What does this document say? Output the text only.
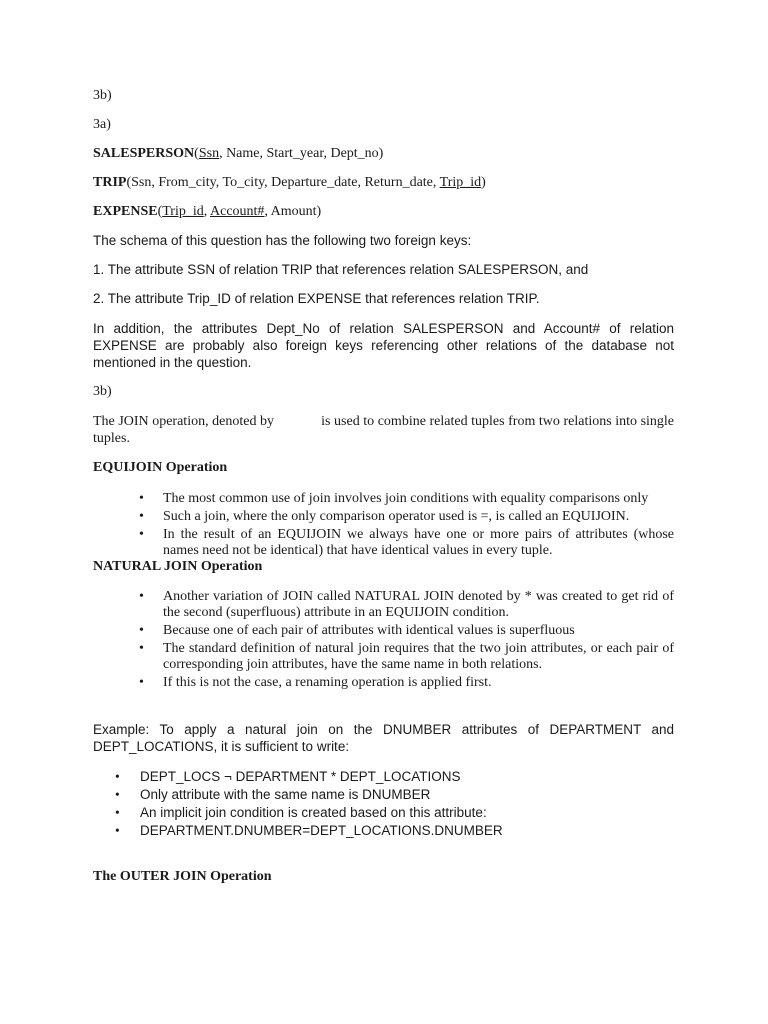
3b)

3a)

SALESPERSON(Ssn, Name, Start_year, Dept_no)

TRIP(Ssn, From_city, To_city, Departure_date, Return_date, Trip_id)

EXPENSE(Trip_id, Account#, Amount)

The schema of this question has the following two foreign keys:

1. The attribute SSN of relation TRIP that references relation SALESPERSON, and

2. The attribute Trip_ID of relation EXPENSE that references relation TRIP.

In addition, the attributes Dept_No of relation SALESPERSON and Account# of relation EXPENSE are probably also foreign keys referencing other relations of the database not mentioned in the question.

3b)

The JOIN operation, denoted by	is used to combine related tuples from two relations into single tuples.

EQUIJOIN Operation

• The most common use of join involves join conditions with equality comparisons only
• Such a join, where the only comparison operator used is =, is called an EQUIJOIN.
• In the result of an EQUIJOIN we always have one or more pairs of attributes (whose names need not be identical) that have identical values in every tuple.

NATURAL JOIN Operation

• Another variation of JOIN called NATURAL JOIN denoted by * was created to get rid of the second (superfluous) attribute in an EQUIJOIN condition.
• Because one of each pair of attributes with identical values is superfluous
• The standard definition of natural join requires that the two join attributes, or each pair of corresponding join attributes, have the same name in both relations.
• If this is not the case, a renaming operation is applied first.

Example: To apply a natural join on the DNUMBER attributes of DEPARTMENT and DEPT_LOCATIONS, it is sufficient to write:

• DEPT_LOCS ¬ DEPARTMENT * DEPT_LOCATIONS
• Only attribute with the same name is DNUMBER
• An implicit join condition is created based on this attribute:
• DEPARTMENT.DNUMBER=DEPT_LOCATIONS.DNUMBER

The OUTER JOIN Operation
